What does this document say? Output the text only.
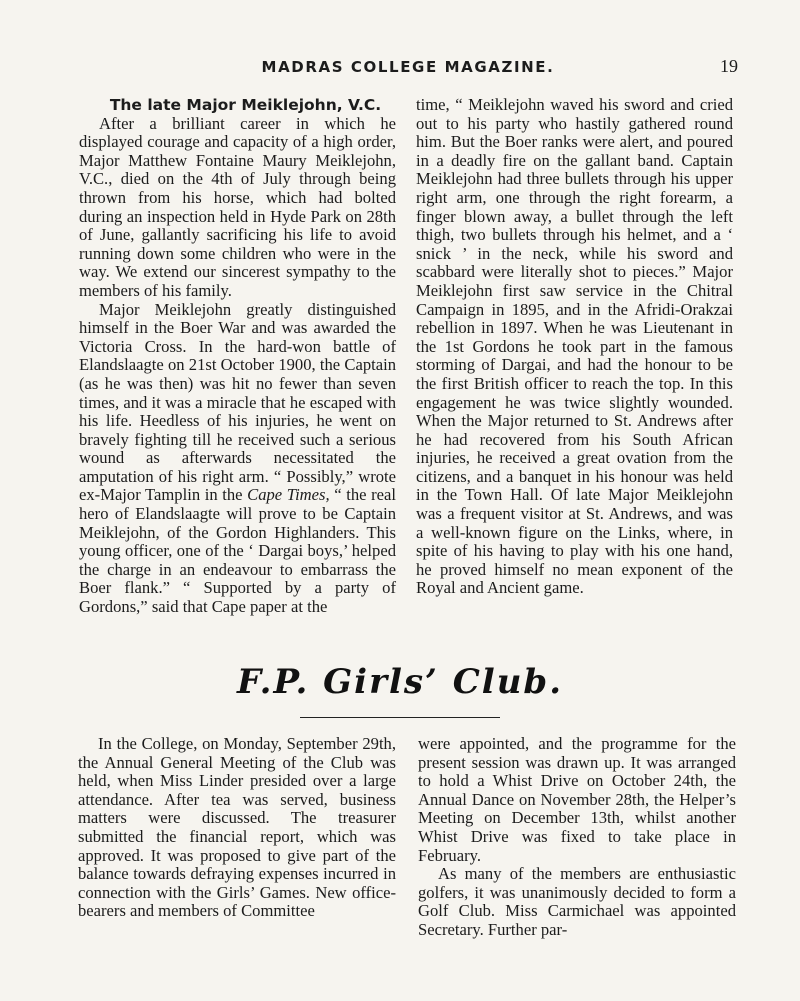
MADRAS COLLEGE MAGAZINE.	19

The late Major Meiklejohn, V.C.

After a brilliant career in which he displayed courage and capacity of a high order, Major Matthew Fontaine Maury Meiklejohn, V.C., died on the 4th of July through being thrown from his horse, which had bolted during an inspection held in Hyde Park on 28th of June, gallantly sacrificing his life to avoid running down some children who were in the way. We extend our sincerest sympathy to the members of his family.

Major Meiklejohn greatly distinguished himself in the Boer War and was awarded the Victoria Cross. In the hard-won battle of Elandslaagte on 21st October 1900, the Captain (as he was then) was hit no fewer than seven times, and it was a miracle that he escaped with his life. Heedless of his injuries, he went on bravely fighting till he received such a serious wound as afterwards necessitated the amputation of his right arm. “ Possibly,” wrote ex-Major Tamplin in the Cape Times, “ the real hero of Elandslaagte will prove to be Captain Meiklejohn, of the Gordon Highlanders. This young officer, one of the ‘ Dargai boys,’ helped the charge in an endeavour to embarrass the Boer flank.” “ Supported by a party of Gordons,” said that Cape paper at the

time, “ Meiklejohn waved his sword and cried out to his party who hastily gathered round him. But the Boer ranks were alert, and poured in a deadly fire on the gallant band. Captain Meiklejohn had three bullets through his upper right arm, one through the right forearm, a finger blown away, a bullet through the left thigh, two bullets through his helmet, and a ‘ snick ’ in the neck, while his sword and scabbard were literally shot to pieces.” Major Meiklejohn first saw service in the Chitral Campaign in 1895, and in the Afridi-Orakzai rebellion in 1897. When he was Lieutenant in the 1st Gordons he took part in the famous storming of Dargai, and had the honour to be the first British officer to reach the top. In this engagement he was twice slightly wounded. When the Major returned to St. Andrews after he had recovered from his South African injuries, he received a great ovation from the citizens, and a banquet in his honour was held in the Town Hall. Of late Major Meiklejohn was a frequent visitor at St. Andrews, and was a well-known figure on the Links, where, in spite of his having to play with his one hand, he proved himself no mean exponent of the Royal and Ancient game.

F.P. Girls’ Club.

In the College, on Monday, September 29th, the Annual General Meeting of the Club was held, when Miss Linder presided over a large attendance. After tea was served, business matters were discussed. The treasurer submitted the financial report, which was approved. It was proposed to give part of the balance towards defraying expenses incurred in connection with the Girls’ Games. New office-bearers and members of Committee

were appointed, and the programme for the present session was drawn up. It was arranged to hold a Whist Drive on October 24th, the Annual Dance on November 28th, the Helper’s Meeting on December 13th, whilst another Whist Drive was fixed to take place in February.

As many of the members are enthusiastic golfers, it was unanimously decided to form a Golf Club. Miss Carmichael was appointed Secretary. Further par-
